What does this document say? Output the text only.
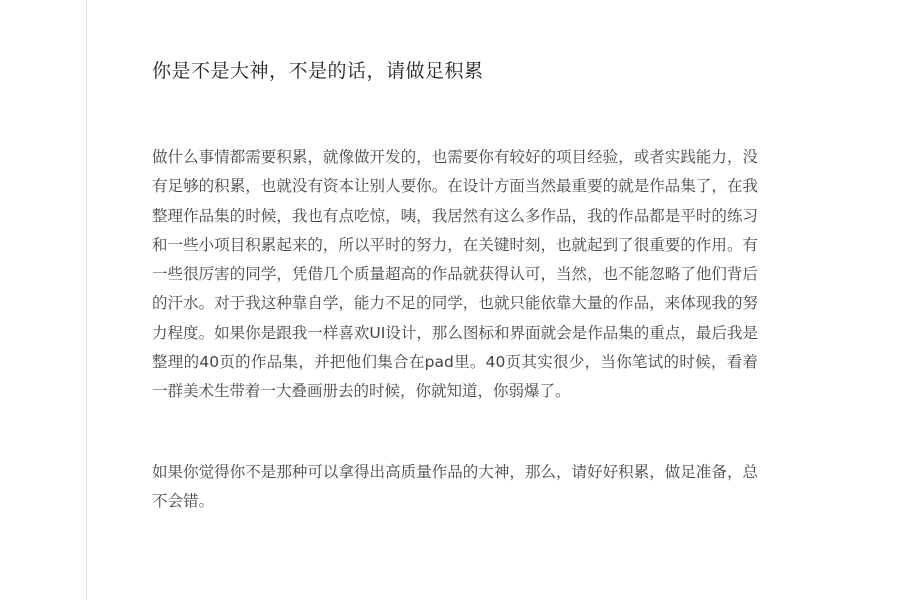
你是不是大神，不是的话，请做足积累

做什么事情都需要积累，就像做开发的，也需要你有较好的项目经验，或者实践能力，没有足够的积累，也就没有资本让别人要你。在设计方面当然最重要的就是作品集了，在我整理作品集的时候，我也有点吃惊，咦，我居然有这么多作品，我的作品都是平时的练习和一些小项目积累起来的，所以平时的努力，在关键时刻，也就起到了很重要的作用。有一些很厉害的同学，凭借几个质量超高的作品就获得认可，当然，也不能忽略了他们背后的汗水。对于我这种靠自学，能力不足的同学，也就只能依靠大量的作品，来体现我的努力程度。如果你是跟我一样喜欢UI设计，那么图标和界面就会是作品集的重点，最后我是整理的40页的作品集，并把他们集合在pad里。40页其实很少，当你笔试的时候，看着一群美术生带着一大叠画册去的时候，你就知道，你弱爆了。

如果你觉得你不是那种可以拿得出高质量作品的大神，那么，请好好积累，做足准备，总不会错。
